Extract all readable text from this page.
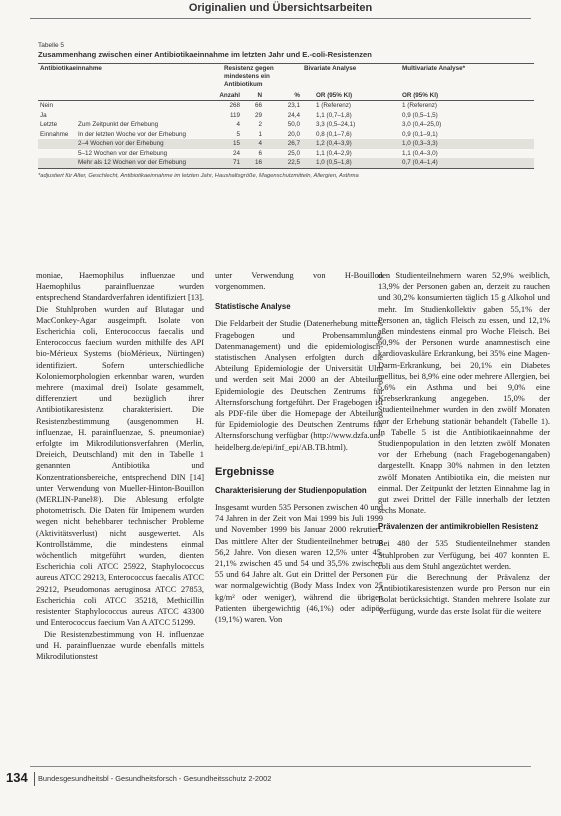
Originalien und Übersichtsarbeiten
Tabelle 5
Zusammenhang zwischen einer Antibiotikaeinnahme im letzten Jahr und E.-coli-Resistenzen
Antibiotikaeinnahme		Resistenz gegen mindestens ein Antibiotikum			Bivariate Analyse	Multivariate Analyse*
		Anzahl	N	%	OR (95% KI)	OR (95% KI)
Nein		268	66	23,1	1 (Referenz)	1 (Referenz)
Ja		119	29	24,4	1,1 (0,7–1,8)	0,9 (0,5–1,5)
Letzte	Zum Zeitpunkt der Erhebung	4	2	50,0	3,3 (0,5–24,1)	3,0 (0,4–25,0)
Einnahme	In der letzten Woche vor der Erhebung	5	1	20,0	0,8 (0,1–7,6)	0,9 (0,1–9,1)
	2–4 Wochen vor der Erhebung	15	4	26,7	1,2 (0,4–3,9)	1,0 (0,3–3,3)
	5–12 Wochen vor der Erhebung	24	6	25,0	1,1 (0,4–2,9)	1,1 (0,4–3,0)
	Mehr als 12 Wochen vor der Erhebung	71	16	22,5	1,0 (0,5–1,8)	0,7 (0,4–1,4)
*adjustiert für Alter, Geschlecht, Antibiotikaeinnahme im letzten Jahr, Haushaltsgröße, Magenschutzmitteln, Allergien, Asthma

moniae, Haemophilus influenzae und Haemophilus parainfluenzae wurden entsprechend Standardverfahren identifiziert [13]. Die Stuhlproben wurden auf Blutagar und MacConkey-Agar ausgeimpft. Isolate von Escherichia coli, Enterococcus faecalis und Enterococcus faecium wurden mithilfe des API bio-Mérieux Systems (bioMérieux, Nürtingen) identifiziert. Sofern unterschiedliche Koloniemorphologien erkennbar waren, wurden mehrere (maximal drei) Isolate gesammelt, differenziert und bezüglich ihrer Antibiotikaresistenz charakterisiert. Die Resistenzbestimmung (ausgenommen H. influenzae, H. parainfluenzae, S. pneumoniae) erfolgte im Mikrodilutionsverfahren (Merlin, Dreieich, Deutschland) mit den in Tabelle 1 genannten Antibiotika und Konzentrationsbereiche, entsprechend DIN [14] unter Verwendung von Mueller-Hinton-Bouillon (MERLIN-Panel®). Die Ablesung erfolgte photometrisch. Die Daten für Imipenem wurden wegen nicht behebbarer technischer Probleme (Aktivitätsverlust) nicht ausgewertet. Als Kontrollstämme, die mindestens einmal wöchentlich mitgeführt wurden, dienten Escherichia coli ATCC 25922, Staphylococcus aureus ATCC 29213, Enterococcus faecalis ATCC 29212, Pseudomonas aeruginosa ATCC 27853, Escherichia coli ATCC 35218, Methicillin resistenter Staphylococcus aureus ATCC 43300 und Enterococcus faecium Van A ATCC 51299.

Die Resistenzbestimmung von H. influenzae und H. parainfluenzae wurde ebenfalls mittels Mikrodilutionstest

unter Verwendung von H-Bouillon vorgenommen.

Statistische Analyse

Die Feldarbeit der Studie (Datenerhebung mittels Fragebogen und Probensammlung, Datenmanagement) und die epidemiologisch-statistischen Analysen erfolgten durch die Abteilung Epidemiologie der Universität Ulm und werden seit Mai 2000 an der Abteilung Epidemiologie des Deutschen Zentrums für Alternsforschung fortgeführt. Der Fragebogen ist als PDF-file über die Homepage der Abteilung für Epidemiologie des Deutschen Zentrums für Alternsforschung verfügbar (http://www.dzfa.uni-heidelberg.de/epi/inf_epi/AB.TB.html).

Ergebnisse
Charakterisierung der Studienpopulation

Insgesamt wurden 535 Personen zwischen 40 und 74 Jahren in der Zeit von Mai 1999 bis Juli 1999 und November 1999 bis Januar 2000 rekrutiert. Das mittlere Alter der Studienteilnehmer betrug 56,2 Jahre. Von diesen waren 12,5% unter 45, 21,1% zwischen 45 und 54 und 35,5% zwischen 55 und 64 Jahre alt. Gut ein Drittel der Personen war normalgewichtig (Body Mass Index von 25 kg/m² oder weniger), während die übrigen Patienten übergewichtig (46,1%) oder adipös (19,1%) waren. Von

den Studienteilnehmern waren 52,9% weiblich, 13,9% der Personen gaben an, derzeit zu rauchen und 30,2% konsumierten täglich 15 g Alkohol und mehr. Im Studienkollektiv gaben 55,1% der Personen an, täglich Fleisch zu essen, und 12,1% aßen mindestens einmal pro Woche Fleisch. Bei 60,9% der Personen wurde anamnestisch eine kardiovaskuläre Erkrankung, bei 35% eine Magen-Darm-Erkrankung, bei 20,1% ein Diabetes mellitus, bei 8,9% eine oder mehrere Allergien, bei 5,6% ein Asthma und bei 9,0% eine Krebserkrankung angegeben. 15,0% der Studienteilnehmer wurden in den zwölf Monaten vor der Erhebung stationär behandelt (Tabelle 1). In Tabelle 5 ist die Antibiotikaeinnahme der Studienpopulation in den letzten zwölf Monaten vor der Erhebung (nach Fragebogenangaben) dargestellt. Knapp 30% nahmen in den letzten zwölf Monaten Antibiotika ein, die meisten nur einmal. Der Zeitpunkt der letzten Einnahme lag in gut zwei Drittel der Fälle innerhalb der letzten sechs Monate.

Prävalenzen der antimikrobiellen Resistenz

Bei 480 der 535 Studienteilnehmer standen Stuhlproben zur Verfügung, bei 407 konnten E. coli aus dem Stuhl angezüchtet werden.

Für die Berechnung der Prävalenz der Antibiotikaresistenzen wurde pro Person nur ein Isolat berücksichtigt. Standen mehrere Isolate zur Verfügung, wurde das erste Isolat für die weitere

134 Bundesgesundheitsbl - Gesundheitsforsch - Gesundheitsschutz 2-2002
